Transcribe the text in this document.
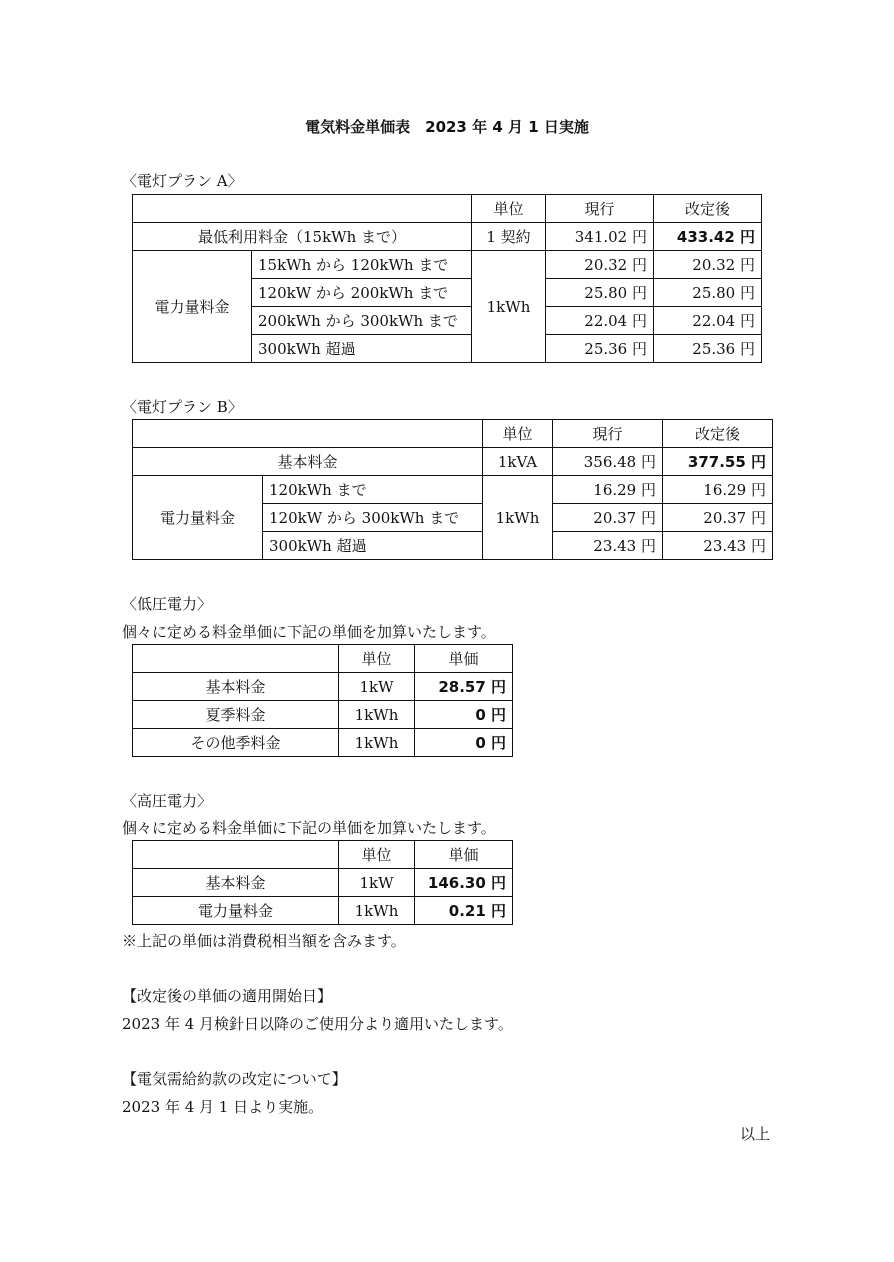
電気料金単価表　2023 年 4 月 1 日実施
〈電灯プラン A〉
		単位	現行	改定後
最低利用料金（15kWh まで）		1 契約	341.02 円	433.42 円
電力量料金	15kWh から 120kWh まで	1kWh	20.32 円	20.32 円
	120kW から 200kWh まで		25.80 円	25.80 円
	200kWh から 300kWh まで		22.04 円	22.04 円
	300kWh 超過		25.36 円	25.36 円
〈電灯プラン B〉
		単位	現行	改定後
基本料金		1kVA	356.48 円	377.55 円
電力量料金	120kWh まで	1kWh	16.29 円	16.29 円
	120kW から 300kWh まで		20.37 円	20.37 円
	300kWh 超過		23.43 円	23.43 円
〈低圧電力〉
個々に定める料金単価に下記の単価を加算いたします。
	単位	単価
基本料金	1kW	28.57 円
夏季料金	1kWh	0 円
その他季料金	1kWh	0 円
〈高圧電力〉
個々に定める料金単価に下記の単価を加算いたします。
	単位	単価
基本料金	1kW	146.30 円
電力量料金	1kWh	0.21 円
※上記の単価は消費税相当額を含みます。
【改定後の単価の適用開始日】
2023 年 4 月検針日以降のご使用分より適用いたします。
【電気需給約款の改定について】
2023 年 4 月 1 日より実施。
以上
